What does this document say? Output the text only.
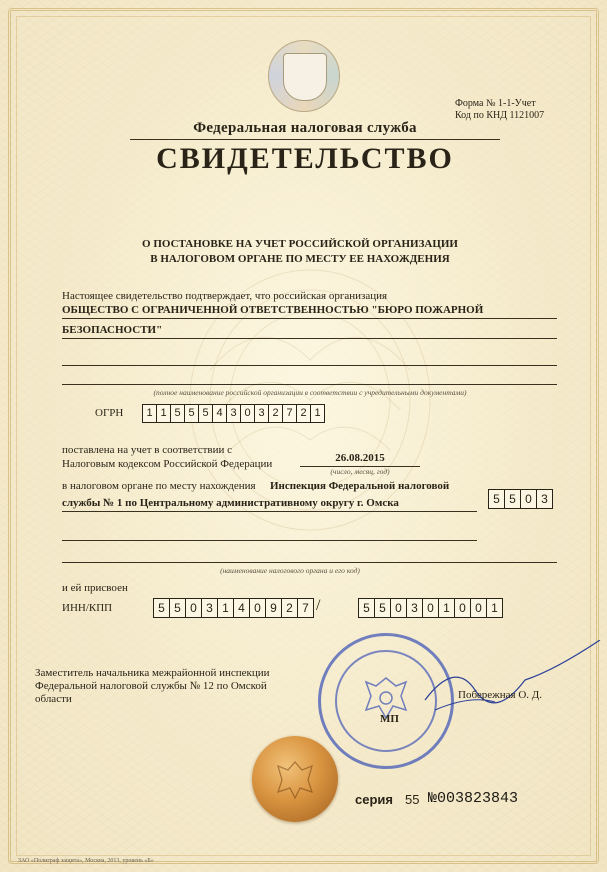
Форма № 1-1-Учет
Код по КНД 1121007
Федеральная налоговая служба
СВИДЕТЕЛЬСТВО
О ПОСТАНОВКЕ НА УЧЕТ РОССИЙСКОЙ ОРГАНИЗАЦИИ
В НАЛОГОВОМ ОРГАНЕ ПО МЕСТУ ЕЕ НАХОЖДЕНИЯ
Настоящее свидетельство подтверждает, что российская организация
ОБЩЕСТВО С ОГРАНИЧЕННОЙ ОТВЕТСТВЕННОСТЬЮ "БЮРО ПОЖАРНОЙ
БЕЗОПАСНОСТИ"
(полное наименование российской организации в соответствии с учредительными документами)
ОГРН	1 1 5 5 5 4 3 0 3 2 7 2 1
поставлена на учет в соответствии с
Налоговым кодексом Российской Федерации	26.08.2015
(число, месяц, год)
в налоговом органе по месту нахождения Инспекция Федеральной налоговой
службы № 1 по Центральному административному округу г. Омска	5 5 0 3
(наименование налогового органа и его код)
и ей присвоен
ИНН/КПП	5 5 0 3 1 4 0 9 2 7 /	5 5 0 3 0 1 0 0 1
Заместитель начальника межрайонной инспекции
Федеральной налоговой службы № 12 по Омской
области
МП
Побережная О. Д.
серия 55 №003823843
ЗАО «Полиграф защита», Москва, 2013, уровень «Б»
